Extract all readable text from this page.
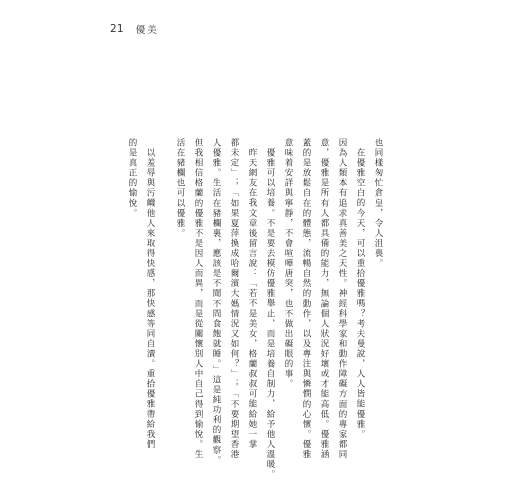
21 優美
也同樣匆忙倉皇，令人沮喪。
在優雅空白的今天，可以重拾優雅嗎？考夫曼說，人人皆能優雅。
因為人類本有追求真善美之天性。神經科學家和動作障礙方面的專家都同
意，優雅是所有人都具備的能力，無論個人狀況好壞或才能高低。優雅涵
蓋的是放鬆自在的體態，流暢自然的動作，以及專注與憐憫的心懷。優雅
意味着安詳與寧靜，不會喧嘩唐突，也不做出礙眼的事。
優雅可以培養。不是要去模仿優雅舉止，而是培養自制力，給予他人溫暖。
昨天網友在我文章後留言說：「若不是美女，格蘭叔叔可能給她一掌
都未定」；「如果夏萍換成哈爾濱大媽情況又如何？」；「不要期望香港
人優雅。生活在豬欄裏，應該是不聞不問食飽就睡。」這是純功利的觀察。
但我相信格蘭的優雅不是因人而異，而是從關懷別人中自己得到愉悅。生
活在豬欄也可以優雅。
以羞辱與污衊他人來取得快感，那快感等同自瀆。重拾優雅帶給我們
的是真正的愉悅。
